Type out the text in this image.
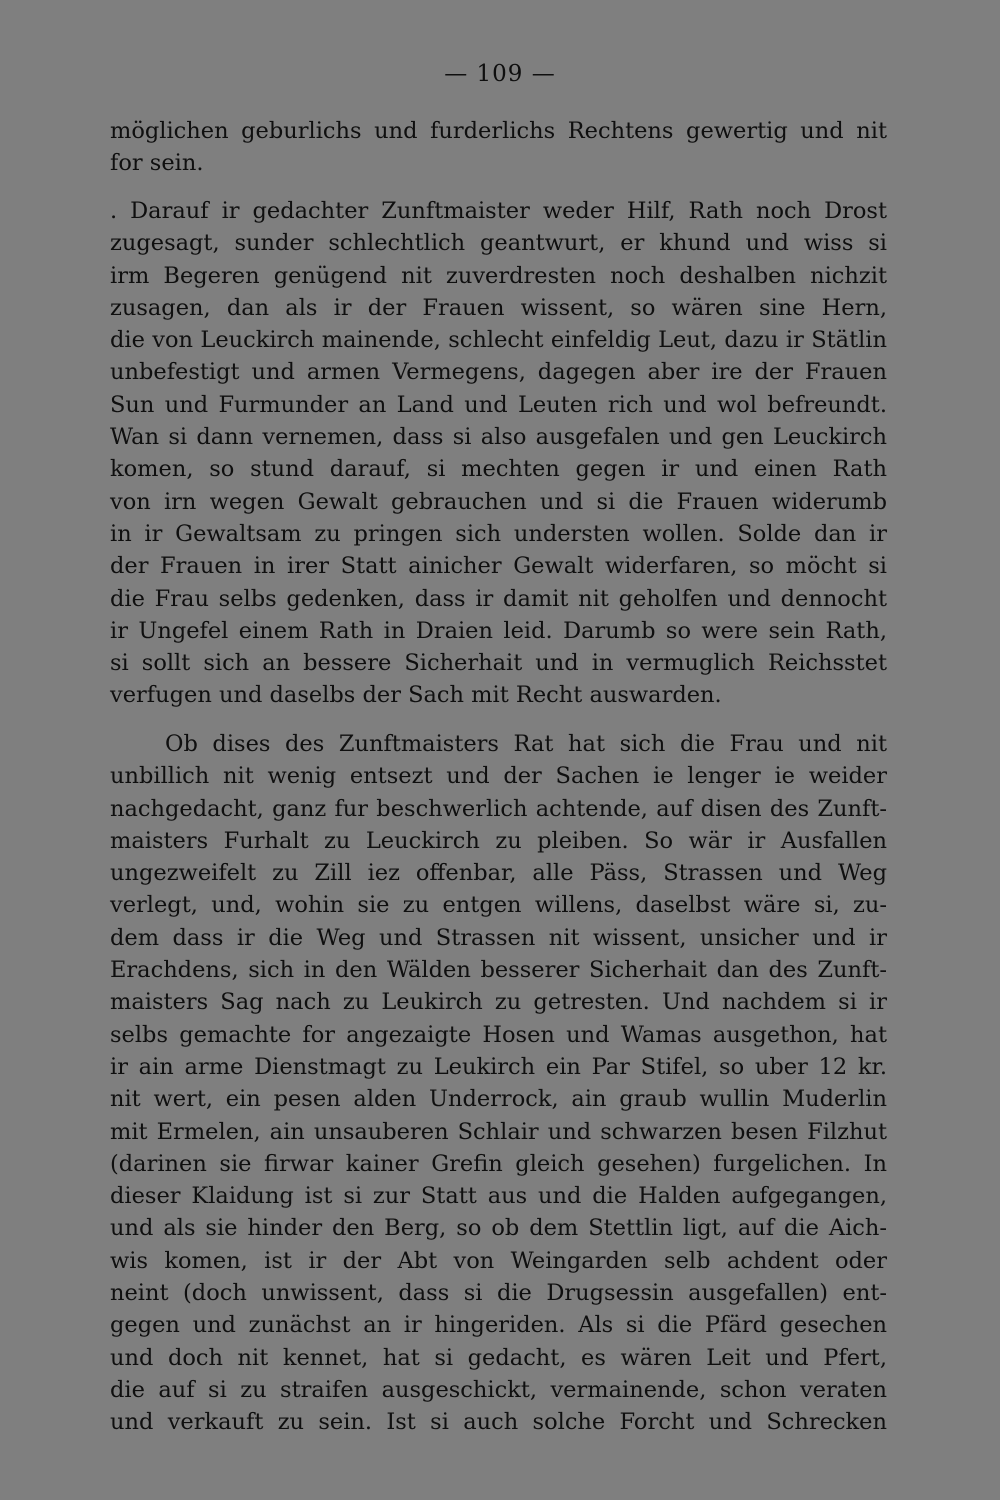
— 109 —
möglichen geburlichs und furderlichs Rechtens gewertig und nit
for sein.
. Darauf ir gedachter Zunftmaister weder Hilf, Rath noch Drost
zugesagt, sunder schlechtlich geantwurt, er khund und wiss si
irm Begeren genügend nit zuverdresten noch deshalben nichzit
zusagen, dan als ir der Frauen wissent, so wären sine Hern,
die von Leuckirch mainende, schlecht einfeldig Leut, dazu ir Stätlin
unbefestigt und armen Vermegens, dagegen aber ire der Frauen
Sun und Furmunder an Land und Leuten rich und wol befreundt.
Wan si dann vernemen, dass si also ausgefalen und gen Leuckirch
komen, so stund darauf, si mechten gegen ir und einen Rath
von irn wegen Gewalt gebrauchen und si die Frauen widerumb
in ir Gewaltsam zu pringen sich understen wollen. Solde dan ir
der Frauen in irer Statt ainicher Gewalt widerfaren, so möcht si
die Frau selbs gedenken, dass ir damit nit geholfen und dennocht
ir Ungefel einem Rath in Draien leid. Darumb so were sein Rath,
si sollt sich an bessere Sicherhait und in vermuglich Reichsstet
verfugen und daselbs der Sach mit Recht auswarden.
Ob dises des Zunftmaisters Rat hat sich die Frau und nit
unbillich nit wenig entsezt und der Sachen ie lenger ie weider
nachgedacht, ganz fur beschwerlich achtende, auf disen des Zunft-
maisters Furhalt zu Leuckirch zu pleiben. So wär ir Ausfallen
ungezweifelt zu Zill iez offenbar, alle Päss, Strassen und Weg
verlegt, und, wohin sie zu entgen willens, daselbst wäre si, zu-
dem dass ir die Weg und Strassen nit wissent, unsicher und ir
Erachdens, sich in den Wälden besserer Sicherhait dan des Zunft-
maisters Sag nach zu Leukirch zu getresten. Und nachdem si ir
selbs gemachte for angezaigte Hosen und Wamas ausgethon, hat
ir ain arme Dienstmagt zu Leukirch ein Par Stifel, so uber 12 kr.
nit wert, ein pesen alden Underrock, ain graub wullin Muderlin
mit Ermelen, ain unsauberen Schlair und schwarzen besen Filzhut
(darinen sie firwar kainer Grefin gleich gesehen) furgelichen. In
dieser Klaidung ist si zur Statt aus und die Halden aufgegangen,
und als sie hinder den Berg, so ob dem Stettlin ligt, auf die Aich-
wis komen, ist ir der Abt von Weingarden selb achdent oder
neint (doch unwissent, dass si die Drugsessin ausgefallen) ent-
gegen und zunächst an ir hingeriden. Als si die Pfärd gesechen
und doch nit kennet, hat si gedacht, es wären Leit und Pfert,
die auf si zu straifen ausgeschickt, vermainende, schon veraten
und verkauft zu sein. Ist si auch solche Forcht und Schrecken
